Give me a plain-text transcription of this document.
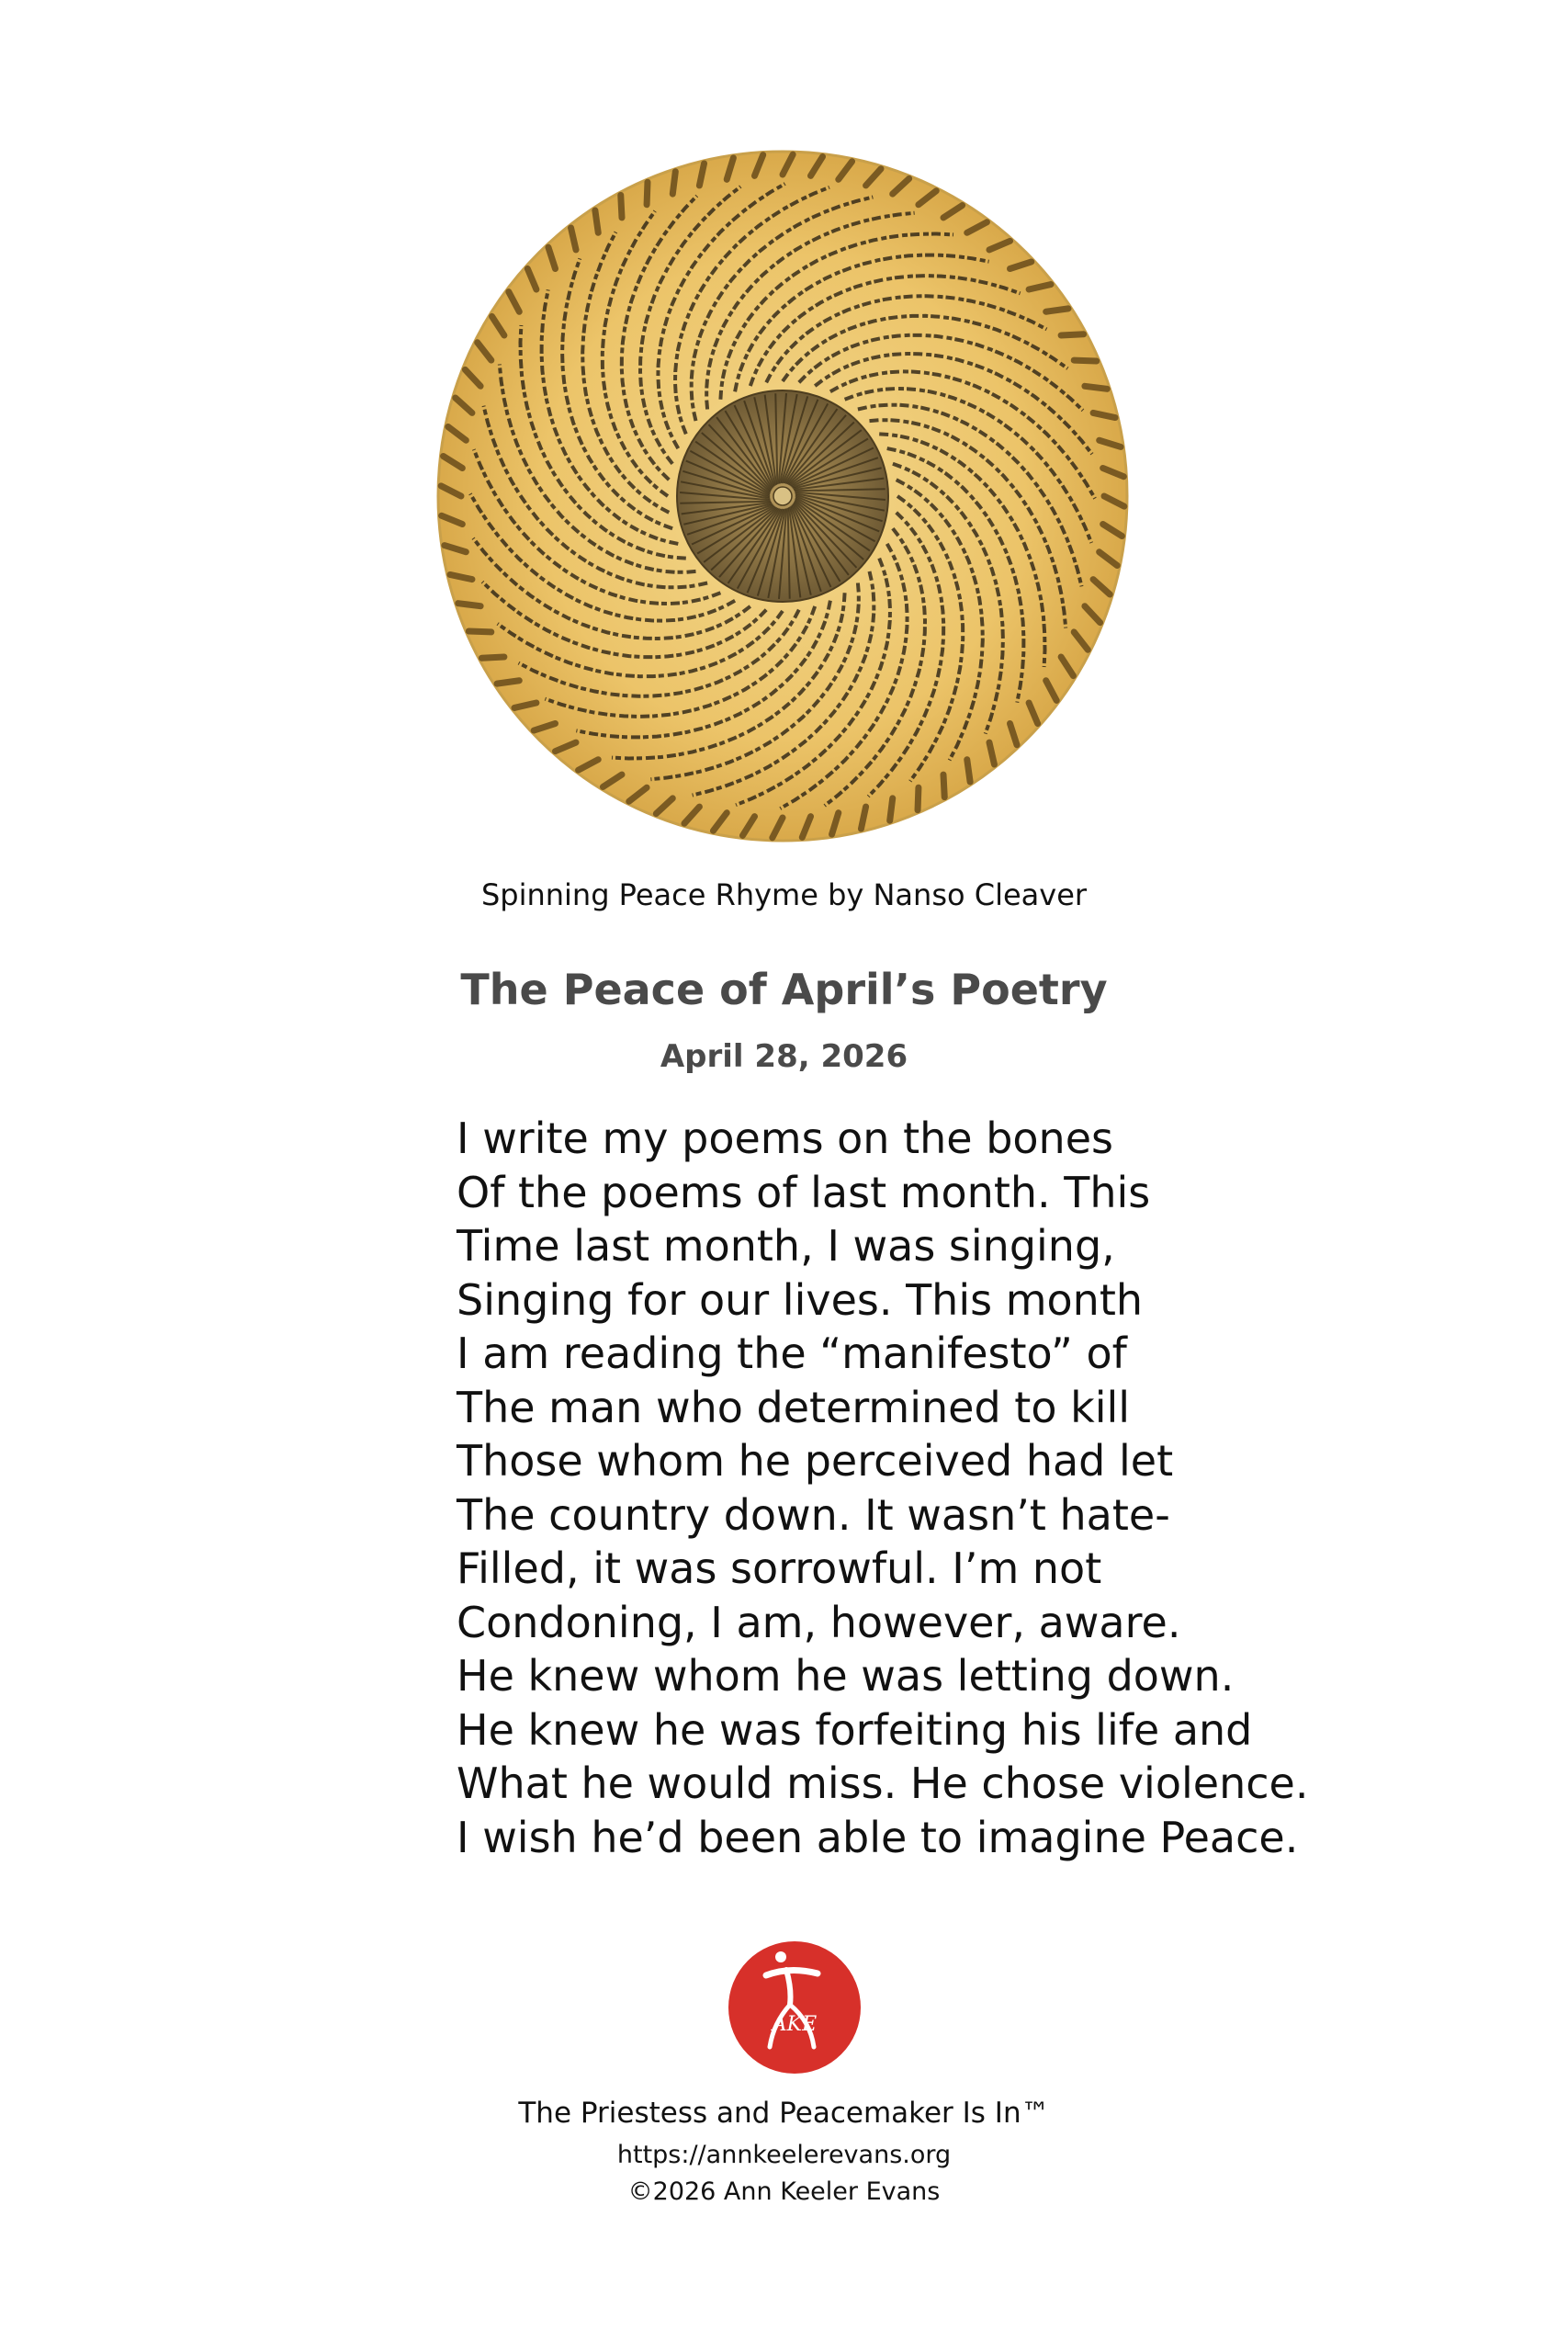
Spinning Peace Rhyme by Nanso Cleaver
The Peace of April’s Poetry
April 28, 2026
I write my poems on the bones
Of the poems of last month. This
Time last month, I was singing,
Singing for our lives. This month
I am reading the “manifesto” of
The man who determined to kill
Those whom he perceived had let
The country down. It wasn’t hate-
Filled, it was sorrowful. I’m not
Condoning, I am, however, aware.
He knew whom he was letting down.
He knew he was forfeiting his life and
What he would miss. He chose violence.
I wish he’d been able to imagine Peace.
AKE
The Priestess and Peacemaker Is In™
https://annkeelerevans.org
©2026 Ann Keeler Evans
